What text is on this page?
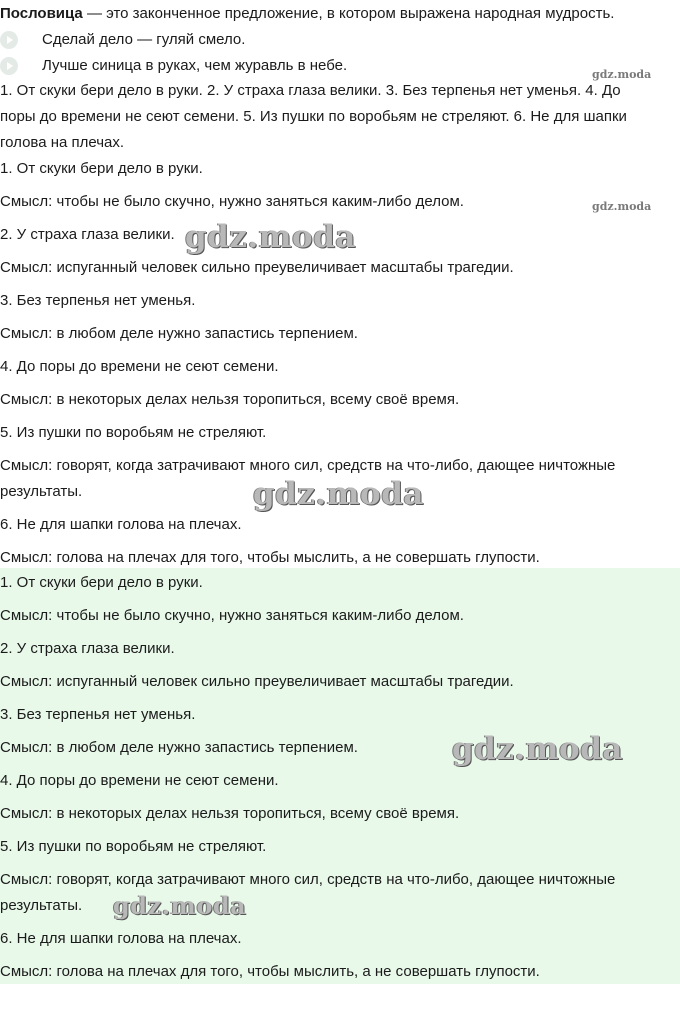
Пословица — это законченное предложение, в котором выражена народная мудрость.
Сделай дело — гуляй смело.
Лучше синица в руках, чем журавль в небе.
1. От скуки бери дело в руки. 2. У страха глаза велики. 3. Без терпенья нет уменья. 4. До
поры до времени не сеют семени. 5. Из пушки по воробьям не стреляют. 6. Не для шапки
голова на плечах.
1. От скуки бери дело в руки.
Смысл: чтобы не было скучно, нужно заняться каким-либо делом.
2. У страха глаза велики.
Смысл: испуганный человек сильно преувеличивает масштабы трагедии.
3. Без терпенья нет уменья.
Смысл: в любом деле нужно запастись терпением.
4. До поры до времени не сеют семени.
Смысл: в некоторых делах нельзя торопиться, всему своё время.
5. Из пушки по воробьям не стреляют.
Смысл: говорят, когда затрачивают много сил, средств на что-либо, дающее ничтожные
результаты.
6. Не для шапки голова на плечах.
Смысл: голова на плечах для того, чтобы мыслить, а не совершать глупости.
1. От скуки бери дело в руки.
Смысл: чтобы не было скучно, нужно заняться каким-либо делом.
2. У страха глаза велики.
Смысл: испуганный человек сильно преувеличивает масштабы трагедии.
3. Без терпенья нет уменья.
Смысл: в любом деле нужно запастись терпением.
4. До поры до времени не сеют семени.
Смысл: в некоторых делах нельзя торопиться, всему своё время.
5. Из пушки по воробьям не стреляют.
Смысл: говорят, когда затрачивают много сил, средств на что-либо, дающее ничтожные
результаты.
6. Не для шапки голова на плечах.
Смысл: голова на плечах для того, чтобы мыслить, а не совершать глупости.
gdz.moda
gdz.moda
gdz.moda
gdz.moda
gdz.moda
gdz.moda
